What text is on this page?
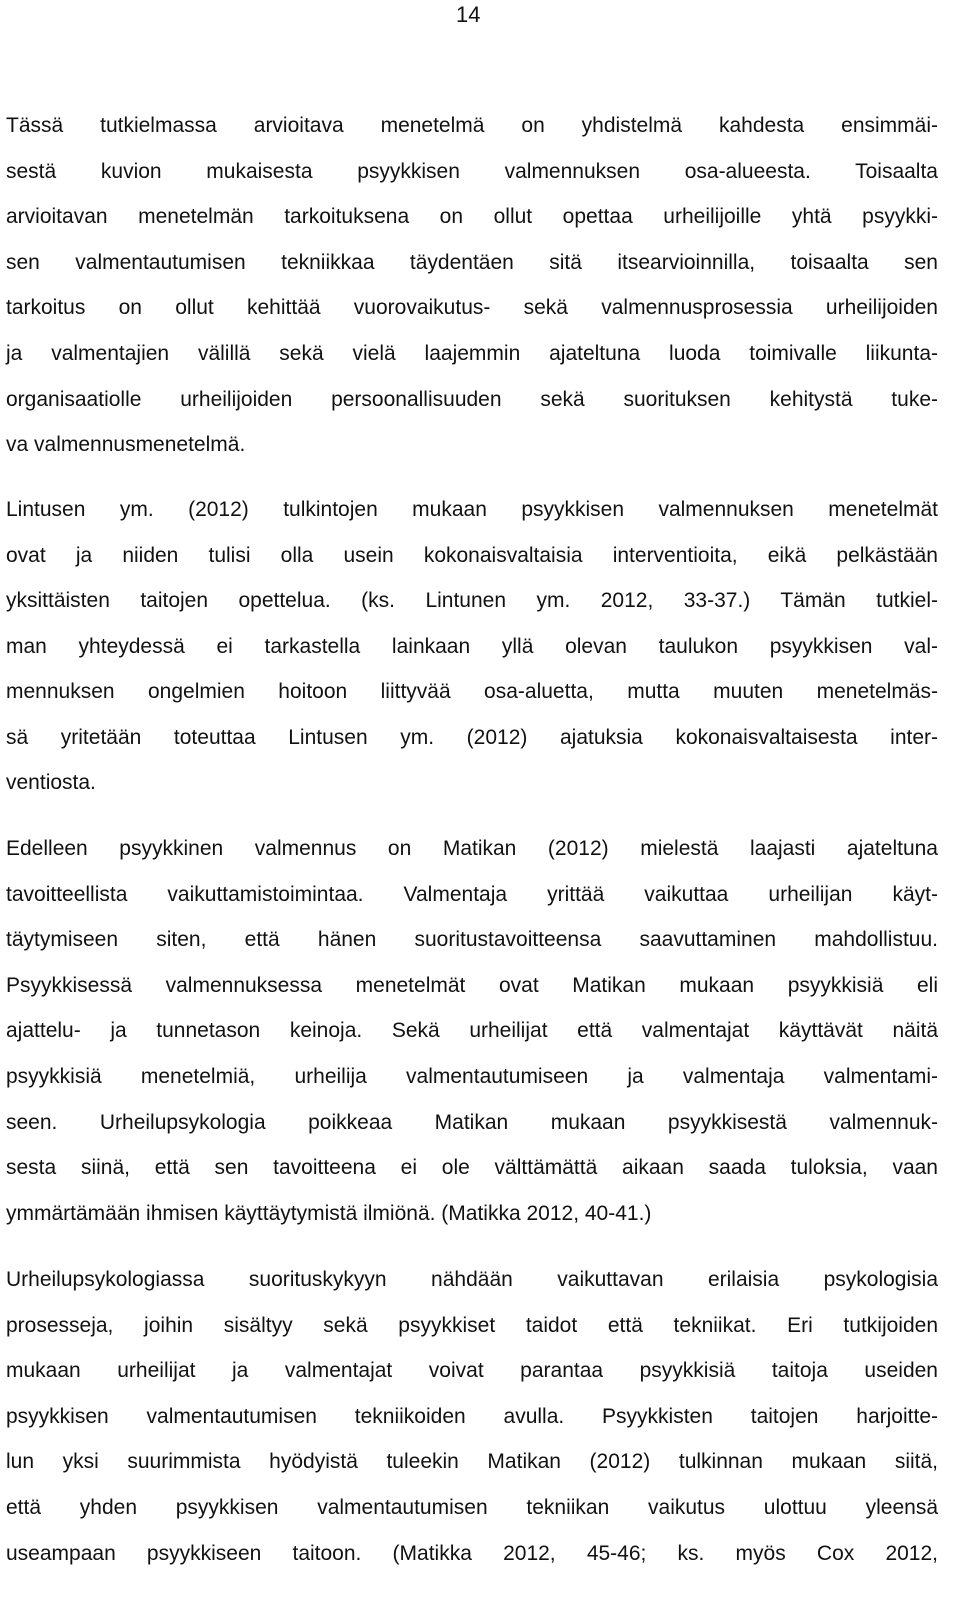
14
Tässä tutkielmassa arvioitava menetelmä on yhdistelmä kahdesta ensimmäi-
sestä kuvion mukaisesta psyykkisen valmennuksen osa-alueesta. Toisaalta
arvioitavan menetelmän tarkoituksena on ollut opettaa urheilijoille yhtä psyykki-
sen valmentautumisen tekniikkaa täydentäen sitä itsearvioinnilla, toisaalta sen
tarkoitus on ollut kehittää vuorovaikutus- sekä valmennusprosessia urheilijoiden
ja valmentajien välillä sekä vielä laajemmin ajateltuna luoda toimivalle liikunta-
organisaatiolle urheilijoiden persoonallisuuden sekä suorituksen kehitystä tuke-
va valmennusmenetelmä.
Lintusen ym. (2012) tulkintojen mukaan psyykkisen valmennuksen menetelmät
ovat ja niiden tulisi olla usein kokonaisvaltaisia interventioita, eikä pelkästään
yksittäisten taitojen opettelua. (ks. Lintunen ym. 2012, 33-37.) Tämän tutkiel-
man yhteydessä ei tarkastella lainkaan yllä olevan taulukon psyykkisen val-
mennuksen ongelmien hoitoon liittyvää osa-aluetta, mutta muuten menetelmäs-
sä yritetään toteuttaa Lintusen ym. (2012) ajatuksia kokonaisvaltaisesta inter-
ventiosta.
Edelleen psyykkinen valmennus on Matikan (2012) mielestä laajasti ajateltuna
tavoitteellista vaikuttamistoimintaa. Valmentaja yrittää vaikuttaa urheilijan käyt-
täytymiseen siten, että hänen suoritustavoitteensa saavuttaminen mahdollistuu.
Psyykkisessä valmennuksessa menetelmät ovat Matikan mukaan psyykkisiä eli
ajattelu- ja tunnetason keinoja. Sekä urheilijat että valmentajat käyttävät näitä
psyykkisiä menetelmiä, urheilija valmentautumiseen ja valmentaja valmentami-
seen. Urheilupsykologia poikkeaa Matikan mukaan psyykkisestä valmennuk-
sesta siinä, että sen tavoitteena ei ole välttämättä aikaan saada tuloksia, vaan
ymmärtämään ihmisen käyttäytymistä ilmiönä. (Matikka 2012, 40-41.)
Urheilupsykologiassa suorituskykyyn nähdään vaikuttavan erilaisia psykologisia
prosesseja, joihin sisältyy sekä psyykkiset taidot että tekniikat. Eri tutkijoiden
mukaan urheilijat ja valmentajat voivat parantaa psyykkisiä taitoja useiden
psyykkisen valmentautumisen tekniikoiden avulla. Psyykkisten taitojen harjoitte-
lun yksi suurimmista hyödyistä tuleekin Matikan (2012) tulkinnan mukaan siitä,
että yhden psyykkisen valmentautumisen tekniikan vaikutus ulottuu yleensä
useampaan psyykkiseen taitoon. (Matikka 2012, 45-46; ks. myös Cox 2012,
